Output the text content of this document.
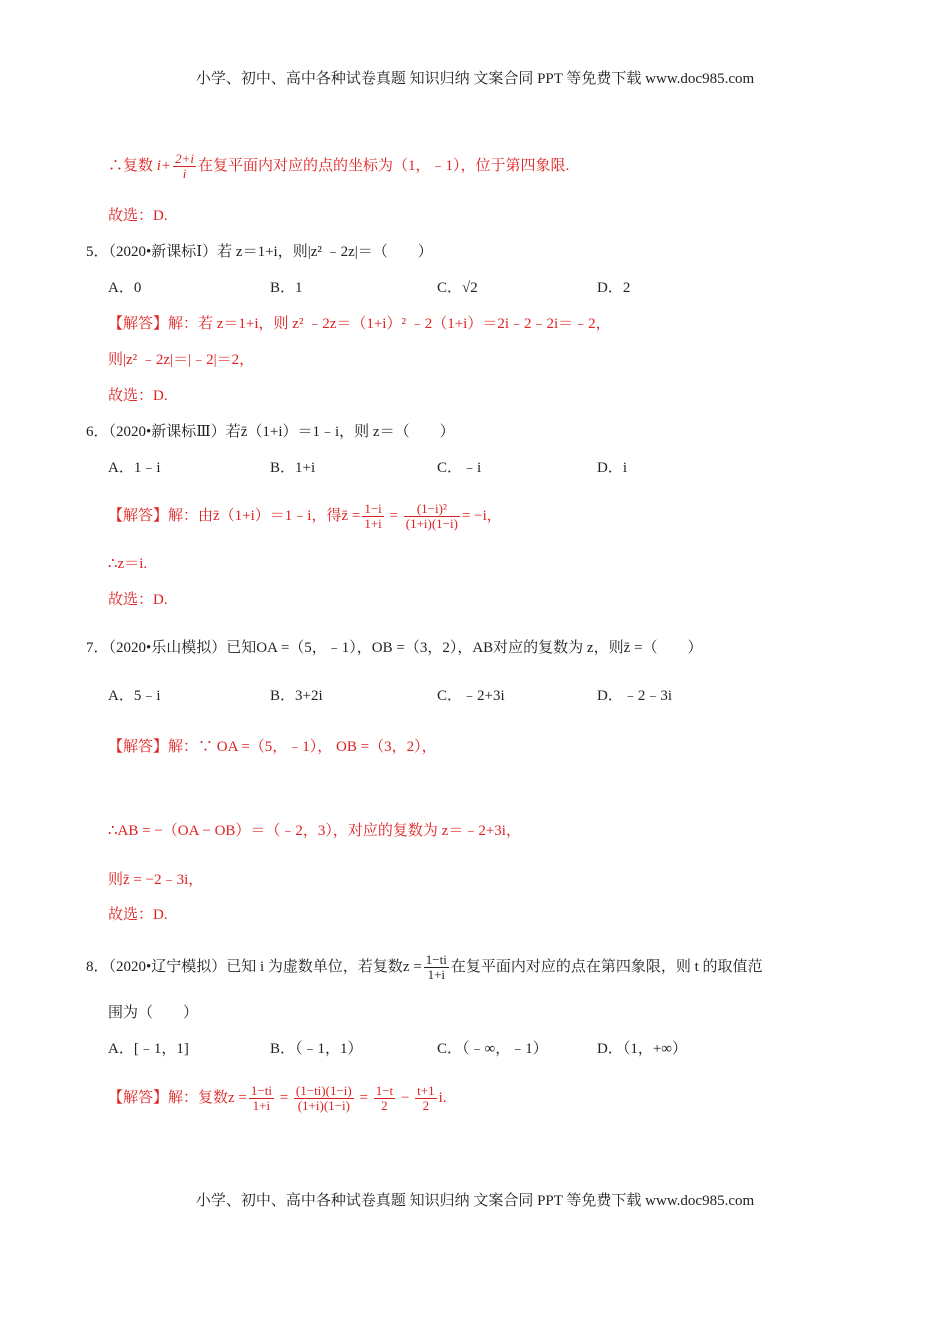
小学、初中、高中各种试卷真题 知识归纳 文案合同 PPT 等免费下载 www.doc985.com
∴复数 $i+ \frac{2+i}{i}$ 在复平面内对应的点的坐标为（1，﹣1），位于第四象限.
故选：D.
5．（2020•新课标Ⅰ）若 z＝1+i，则|z² ﹣2z|＝（　　）
A．0	B．1	C．√2	D．2
【解答】解：若 z＝1+i，则 z² ﹣2z＝（1+i）² ﹣2（1+i）＝2i﹣2﹣2i＝﹣2，
则|z² ﹣2z|＝|﹣2|＝2，
故选：D.
6．（2020•新课标Ⅲ）若z̄（1+i）＝1﹣i，则 z＝（　　）
A．1﹣i	B．1+i	C．﹣i	D．i
【解答】解：由z̄（1+i）＝1﹣i，得z̄ = $\frac{1-i}{1+i} = \frac{\text{(1−i)²}}{(1+i)(1-i)} = -i$，
∴z＝i.
故选：D.
7．（2020•乐山模拟）已知OA =（5，﹣1），OB =（3，2），AB对应的复数为 z，则z̄ =（　　）
A．5﹣i	B．3+2i	C．﹣2+3i	D．﹣2﹣3i
【解答】解：∵ OA =（5，﹣1）， OB =（3，2），
∴AB = −（OA − OB）＝（﹣2，3），对应的复数为 z＝﹣2+3i，
则z̄ = −2﹣3i，
故选：D.
8．（2020•辽宁模拟）已知 i 为虚数单位，若复数$z = \frac{1-ti}{1+i}$ 在复平面内对应的点在第四象限，则 t 的取值范
围为（　　）
A．[﹣1，1]	B．（﹣1，1）	C．（﹣∞，﹣1）	D．（1，+∞）
【解答】解：复数$z = \frac{1-ti}{1+i} = \frac{(1-ti)(1-i)}{(1+i)(1-i)} = \frac{1-t}{2} - \frac{t+1}{2} i$.
小学、初中、高中各种试卷真题 知识归纳 文案合同 PPT 等免费下载 www.doc985.com
